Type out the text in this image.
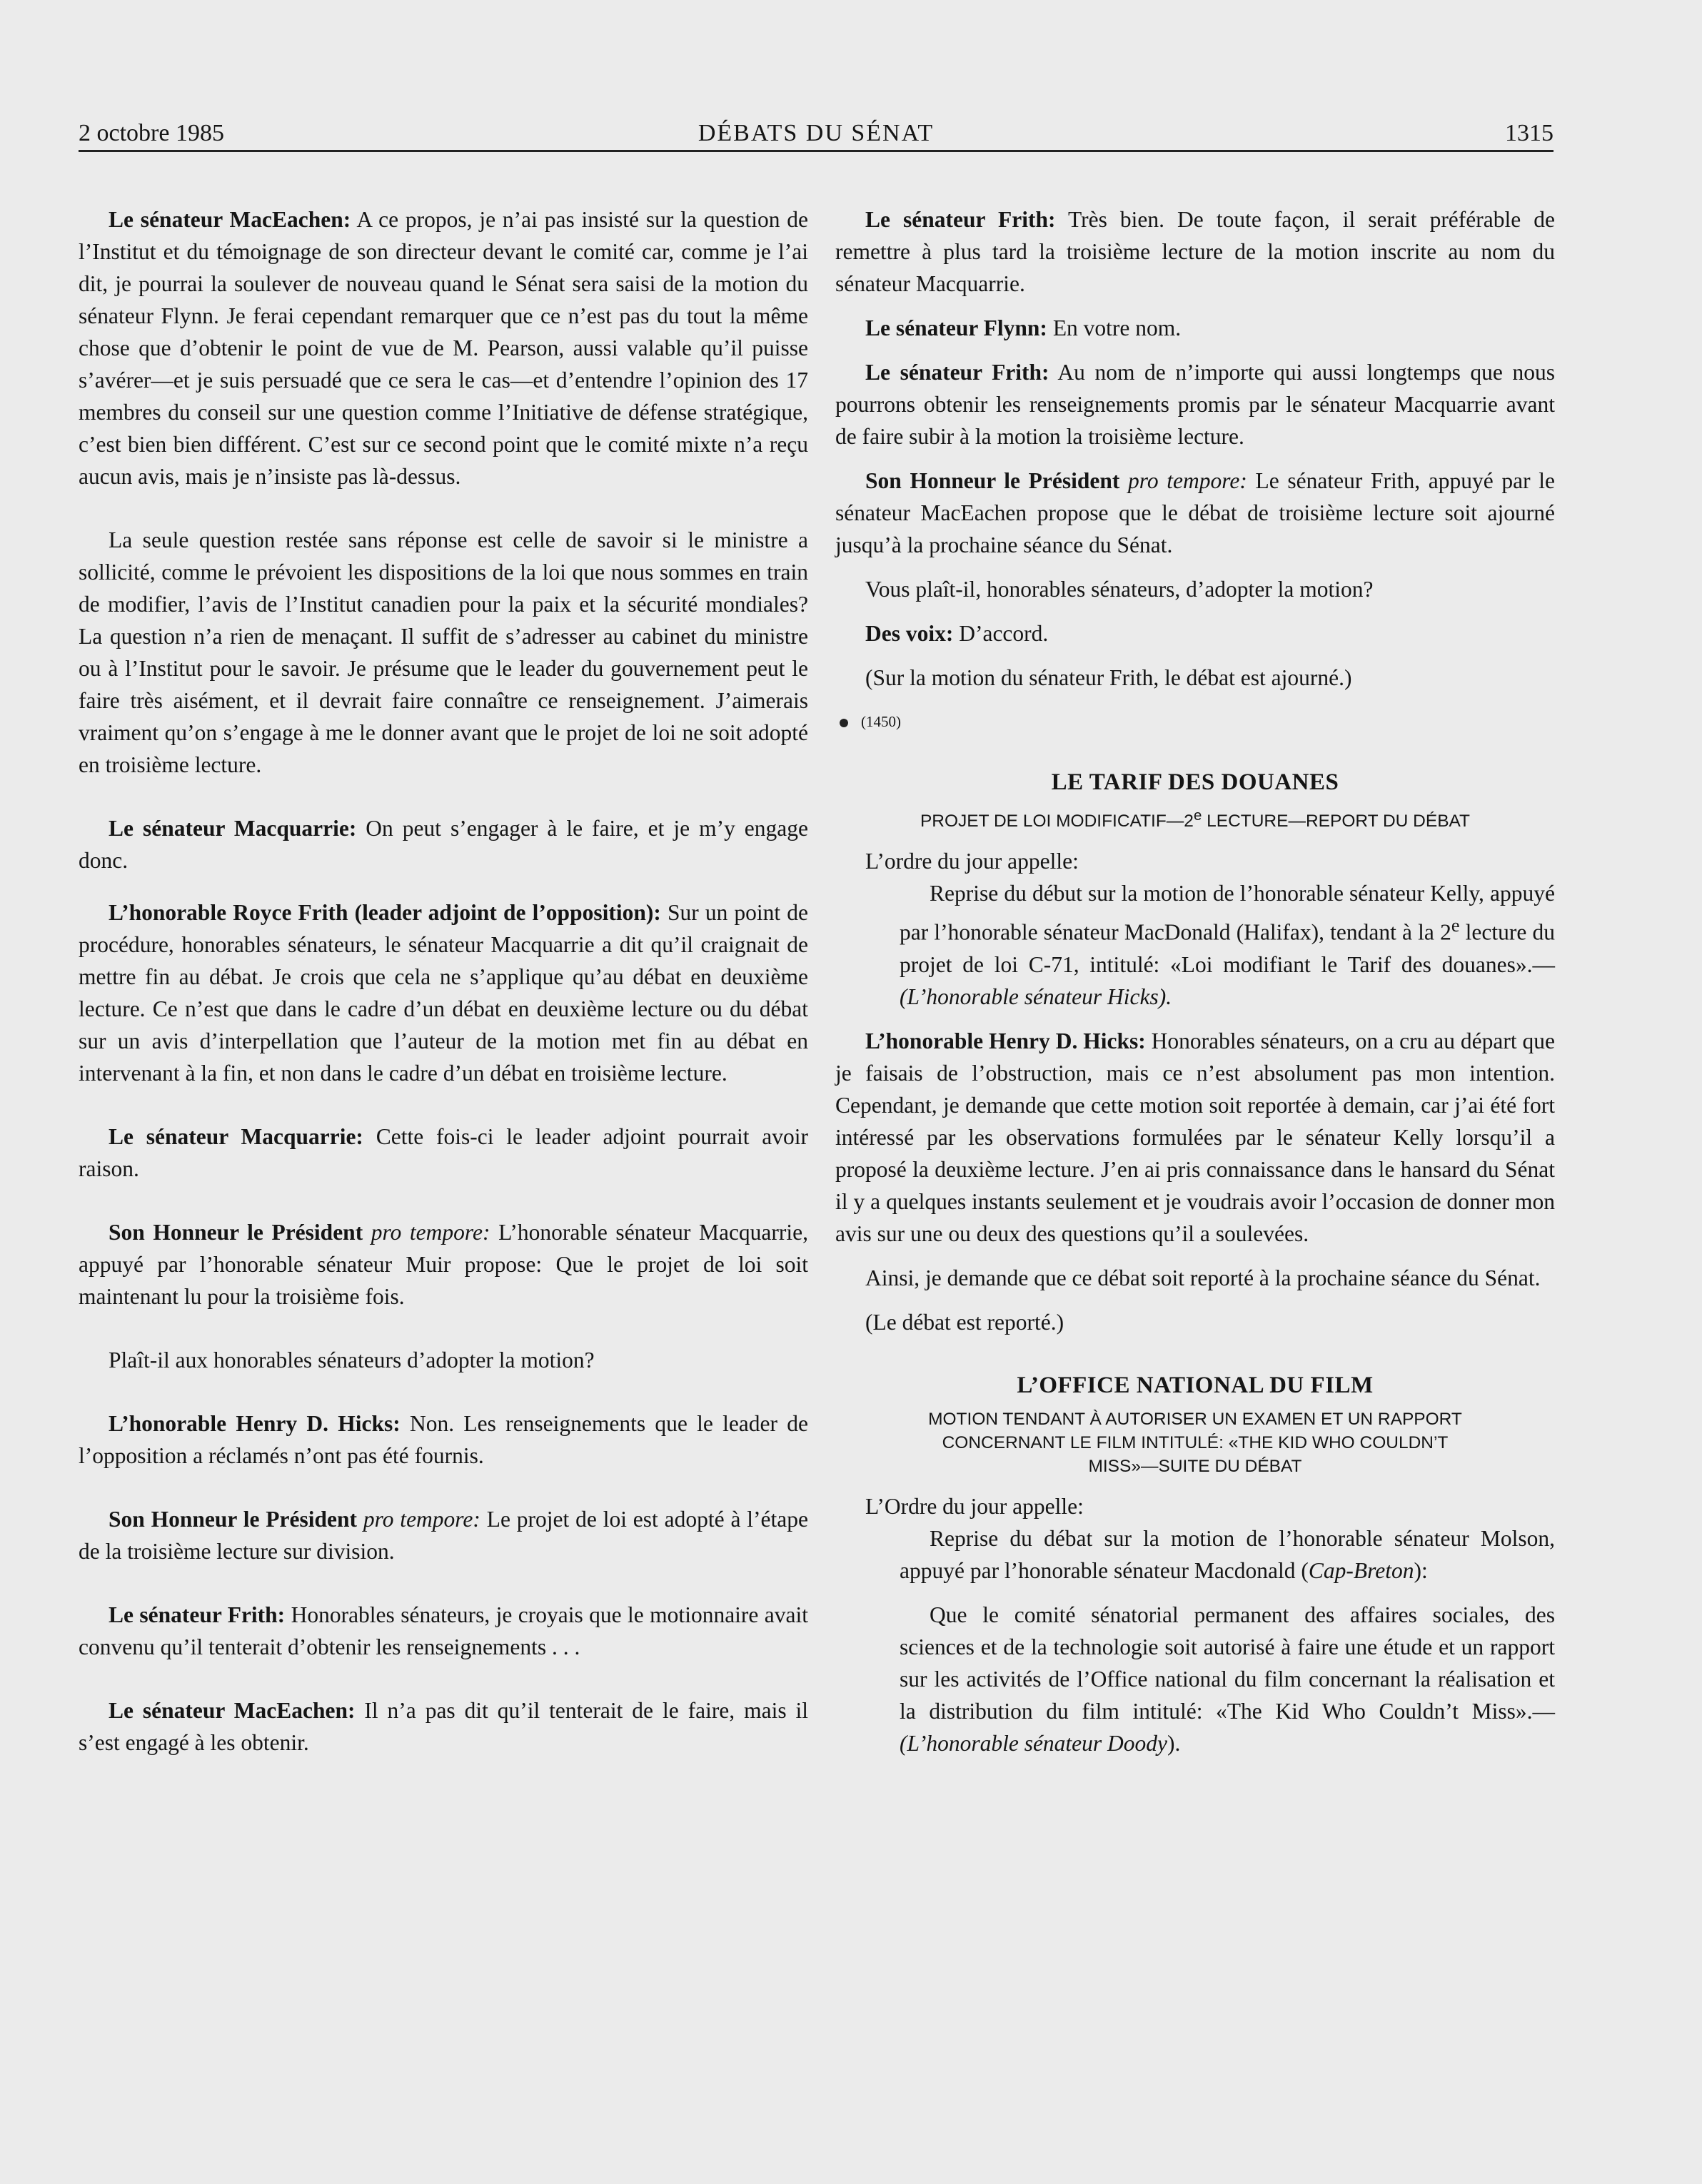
2 octobre 1985	DÉBATS DU SÉNAT	1315

Le sénateur MacEachen: A ce propos, je n’ai pas insisté sur la question de l’Institut et du témoignage de son directeur devant le comité car, comme je l’ai dit, je pourrai la soulever de nouveau quand le Sénat sera saisi de la motion du sénateur Flynn. Je ferai cependant remarquer que ce n’est pas du tout la même chose que d’obtenir le point de vue de M. Pearson, aussi valable qu’il puisse s’avérer—et je suis persuadé que ce sera le cas—et d’entendre l’opinion des 17 membres du conseil sur une question comme l’Initiative de défense stratégique, c’est bien bien différent. C’est sur ce second point que le comité mixte n’a reçu aucun avis, mais je n’insiste pas là-dessus.

La seule question restée sans réponse est celle de savoir si le ministre a sollicité, comme le prévoient les dispositions de la loi que nous sommes en train de modifier, l’avis de l’Institut canadien pour la paix et la sécurité mondiales? La question n’a rien de menaçant. Il suffit de s’adresser au cabinet du ministre ou à l’Institut pour le savoir. Je présume que le leader du gouvernement peut le faire très aisément, et il devrait faire connaître ce renseignement. J’aimerais vraiment qu’on s’engage à me le donner avant que le projet de loi ne soit adopté en troisième lecture.

Le sénateur Macquarrie: On peut s’engager à le faire, et je m’y engage donc.

L’honorable Royce Frith (leader adjoint de l’opposition): Sur un point de procédure, honorables sénateurs, le sénateur Macquarrie a dit qu’il craignait de mettre fin au débat. Je crois que cela ne s’applique qu’au débat en deuxième lecture. Ce n’est que dans le cadre d’un débat en deuxième lecture ou du débat sur un avis d’interpellation que l’auteur de la motion met fin au débat en intervenant à la fin, et non dans le cadre d’un débat en troisième lecture.

Le sénateur Macquarrie: Cette fois-ci le leader adjoint pourrait avoir raison.

Son Honneur le Président pro tempore: L’honorable sénateur Macquarrie, appuyé par l’honorable sénateur Muir propose: Que le projet de loi soit maintenant lu pour la troisième fois.

Plaît-il aux honorables sénateurs d’adopter la motion?

L’honorable Henry D. Hicks: Non. Les renseignements que le leader de l’opposition a réclamés n’ont pas été fournis.

Son Honneur le Président pro tempore: Le projet de loi est adopté à l’étape de la troisième lecture sur division.

Le sénateur Frith: Honorables sénateurs, je croyais que le motionnaire avait convenu qu’il tenterait d’obtenir les renseignements . . .

Le sénateur MacEachen: Il n’a pas dit qu’il tenterait de le faire, mais il s’est engagé à les obtenir.

Le sénateur Frith: Très bien. De toute façon, il serait préférable de remettre à plus tard la troisième lecture de la motion inscrite au nom du sénateur Macquarrie.

Le sénateur Flynn: En votre nom.

Le sénateur Frith: Au nom de n’importe qui aussi longtemps que nous pourrons obtenir les renseignements promis par le sénateur Macquarrie avant de faire subir à la motion la troisième lecture.

Son Honneur le Président pro tempore: Le sénateur Frith, appuyé par le sénateur MacEachen propose que le débat de troisième lecture soit ajourné jusqu’à la prochaine séance du Sénat.

Vous plaît-il, honorables sénateurs, d’adopter la motion?

Des voix: D’accord.

(Sur la motion du sénateur Frith, le débat est ajourné.)

(1450)
LE TARIF DES DOUANES
PROJET DE LOI MODIFICATIF—2e LECTURE—REPORT DU DÉBAT

L’ordre du jour appelle:

Reprise du début sur la motion de l’honorable sénateur Kelly, appuyé par l’honorable sénateur MacDonald (Halifax), tendant à la 2e lecture du projet de loi C-71, intitulé: «Loi modifiant le Tarif des douanes».—(L’honorable sénateur Hicks).

L’honorable Henry D. Hicks: Honorables sénateurs, on a cru au départ que je faisais de l’obstruction, mais ce n’est absolument pas mon intention. Cependant, je demande que cette motion soit reportée à demain, car j’ai été fort intéressé par les observations formulées par le sénateur Kelly lorsqu’il a proposé la deuxième lecture. J’en ai pris connaissance dans le hansard du Sénat il y a quelques instants seulement et je voudrais avoir l’occasion de donner mon avis sur une ou deux des questions qu’il a soulevées.

Ainsi, je demande que ce débat soit reporté à la prochaine séance du Sénat.

(Le débat est reporté.)

L’OFFICE NATIONAL DU FILM
MOTION TENDANT À AUTORISER UN EXAMEN ET UN RAPPORT
CONCERNANT LE FILM INTITULÉ: «THE KID WHO COULDN’T
MISS»—SUITE DU DÉBAT

L’Ordre du jour appelle:

Reprise du débat sur la motion de l’honorable sénateur Molson, appuyé par l’honorable sénateur Macdonald (Cap-Breton):

Que le comité sénatorial permanent des affaires sociales, des sciences et de la technologie soit autorisé à faire une étude et un rapport sur les activités de l’Office national du film concernant la réalisation et la distribution du film intitulé: «The Kid Who Couldn’t Miss».—(L’honorable sénateur Doody).
